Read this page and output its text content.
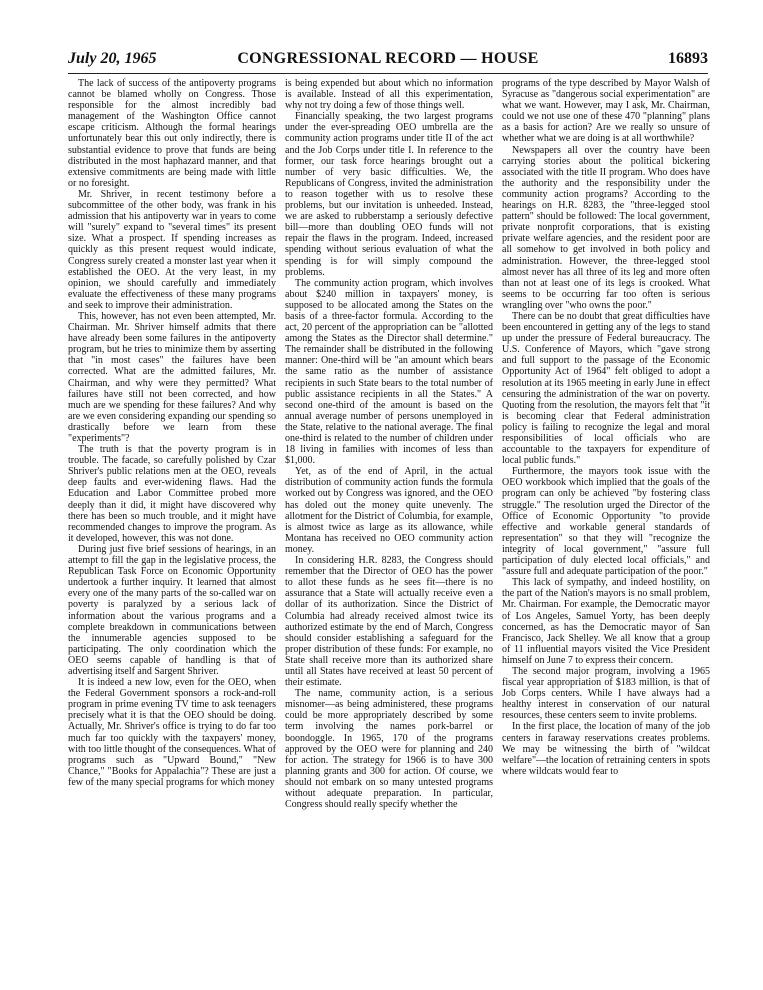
July 20, 1965	CONGRESSIONAL RECORD — HOUSE	16893

The lack of success of the antipoverty programs cannot be blamed wholly on Congress. Those responsible for the almost incredibly bad management of the Washington Office cannot escape criticism. Although the formal hearings unfortunately bear this out only indirectly, there is substantial evidence to prove that funds are being distributed in the most haphazard manner, and that extensive commitments are being made with little or no foresight.

Mr. Shriver, in recent testimony before a subcommittee of the other body, was frank in his admission that his antipoverty war in years to come will "surely" expand to "several times" its present size. What a prospect. If spending increases as quickly as this present request would indicate, Congress surely created a monster last year when it established the OEO. At the very least, in my opinion, we should carefully and immediately evaluate the effectiveness of these many programs and seek to improve their administration.

This, however, has not even been attempted, Mr. Chairman. Mr. Shriver himself admits that there have already been some failures in the antipoverty program, but he tries to minimize them by asserting that "in most cases" the failures have been corrected. What are the admitted failures, Mr. Chairman, and why were they permitted? What failures have still not been corrected, and how much are we spending for these failures? And why are we even considering expanding our spending so drastically before we learn from these "experiments"?

The truth is that the poverty program is in trouble. The facade, so carefully polished by Czar Shriver's public relations men at the OEO, reveals deep faults and ever-widening flaws. Had the Education and Labor Committee probed more deeply than it did, it might have discovered why there has been so much trouble, and it might have recommended changes to improve the program. As it developed, however, this was not done.

During just five brief sessions of hearings, in an attempt to fill the gap in the legislative process, the Republican Task Force on Economic Opportunity undertook a further inquiry. It learned that almost every one of the many parts of the so-called war on poverty is paralyzed by a serious lack of information about the various programs and a complete breakdown in communications between the innumerable agencies supposed to be participating. The only coordination which the OEO seems capable of handling is that of advertising itself and Sargent Shriver.

It is indeed a new low, even for the OEO, when the Federal Government sponsors a rock-and-roll program in prime evening TV time to ask teenagers precisely what it is that the OEO should be doing. Actually, Mr. Shriver's office is trying to do far too much far too quickly with the taxpayers' money, with too little thought of the consequences. What of programs such as "Upward Bound," "New Chance," "Books for Appalachia"? These are just a few of the many special programs for which money

is being expended but about which no information is available. Instead of all this experimentation, why not try doing a few of those things well.

Financially speaking, the two largest programs under the ever-spreading OEO umbrella are the community action programs under title II of the act and the Job Corps under title I. In reference to the former, our task force hearings brought out a number of very basic difficulties. We, the Republicans of Congress, invited the administration to reason together with us to resolve these problems, but our invitation is unheeded. Instead, we are asked to rubberstamp a seriously defective bill—more than doubling OEO funds will not repair the flaws in the program. Indeed, increased spending without serious evaluation of what the spending is for will simply compound the problems.

The community action program, which involves about $240 million in taxpayers' money, is supposed to be allocated among the States on the basis of a three-factor formula. According to the act, 20 percent of the appropriation can be "allotted among the States as the Director shall determine." The remainder shall be distributed in the following manner: One-third will be "an amount which bears the same ratio as the number of assistance recipients in such State bears to the total number of public assistance recipients in all the States." A second one-third of the amount is based on the annual average number of persons unemployed in the State, relative to the national average. The final one-third is related to the number of children under 18 living in families with incomes of less than $1,000.

Yet, as of the end of April, in the actual distribution of community action funds the formula worked out by Congress was ignored, and the OEO has doled out the money quite unevenly. The allotment for the District of Columbia, for example, is almost twice as large as its allowance, while Montana has received no OEO community action money.

In considering H.R. 8283, the Congress should remember that the Director of OEO has the power to allot these funds as he sees fit—there is no assurance that a State will actually receive even a dollar of its authorization. Since the District of Columbia had already received almost twice its authorized estimate by the end of March, Congress should consider establishing a safeguard for the proper distribution of these funds: For example, no State shall receive more than its authorized share until all States have received at least 50 percent of their estimate.

The name, community action, is a serious misnomer—as being administered, these programs could be more appropriately described by some term involving the names pork-barrel or boondoggle. In 1965, 170 of the programs approved by the OEO were for planning and 240 for action. The strategy for 1966 is to have 300 planning grants and 300 for action. Of course, we should not embark on so many untested programs without adequate preparation. In particular, Congress should really specify whether the

programs of the type described by Mayor Walsh of Syracuse as "dangerous social experimentation" are what we want. However, may I ask, Mr. Chairman, could we not use one of these 470 "planning" plans as a basis for action? Are we really so unsure of whether what we are doing is at all worthwhile?

Newspapers all over the country have been carrying stories about the political bickering associated with the title II program. Who does have the authority and the responsibility under the community action programs? According to the hearings on H.R. 8283, the "three-legged stool pattern" should be followed: The local government, private nonprofit corporations, that is existing private welfare agencies, and the resident poor are all somehow to get involved in both policy and administration. However, the three-legged stool almost never has all three of its leg and more often than not at least one of its legs is crooked. What seems to be occurring far too often is serious wrangling over "who owns the poor."

There can be no doubt that great difficulties have been encountered in getting any of the legs to stand up under the pressure of Federal bureaucracy. The U.S. Conference of Mayors, which "gave strong and full support to the passage of the Economic Opportunity Act of 1964" felt obliged to adopt a resolution at its 1965 meeting in early June in effect censuring the administration of the war on poverty. Quoting from the resolution, the mayors felt that "it is becoming clear that Federal administration policy is failing to recognize the legal and moral responsibilities of local officials who are accountable to the taxpayers for expenditure of local public funds."

Furthermore, the mayors took issue with the OEO workbook which implied that the goals of the program can only be achieved "by fostering class struggle." The resolution urged the Director of the Office of Economic Opportunity "to provide effective and workable general standards of representation" so that they will "recognize the integrity of local government," "assure full participation of duly elected local officials," and "assure full and adequate participation of the poor."

This lack of sympathy, and indeed hostility, on the part of the Nation's mayors is no small problem, Mr. Chairman. For example, the Democratic mayor of Los Angeles, Samuel Yorty, has been deeply concerned, as has the Democratic mayor of San Francisco, Jack Shelley. We all know that a group of 11 influential mayors visited the Vice President himself on June 7 to express their concern.

The second major program, involving a 1965 fiscal year appropriation of $183 million, is that of Job Corps centers. While I have always had a healthy interest in conservation of our natural resources, these centers seem to invite problems.

In the first place, the location of many of the job centers in faraway reservations creates problems. We may be witnessing the birth of "wildcat welfare"—the location of retraining centers in spots where wildcats would fear to
